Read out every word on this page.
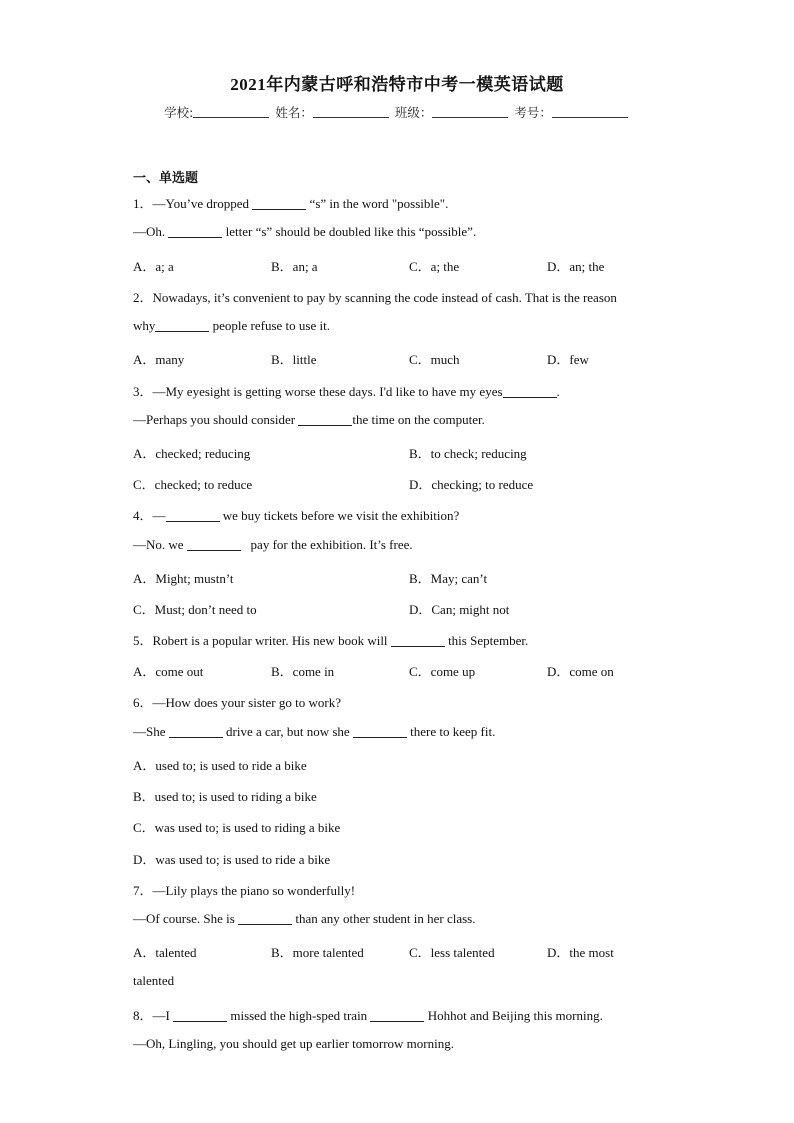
2021年内蒙古呼和浩特市中考一模英语试题
学校:	姓名：	班级：	考号：
一、单选题
1．—You’ve dropped	“s” in the word "possible".
—Oh.	letter “s” should be doubled like this “possible”.
A．a; a	B．an; a	C．a; the	D．an; the
2．Nowadays, it’s convenient to pay by scanning the code instead of cash. That is the reason
why	people refuse to use it.
A．many	B．little	C．much	D．few
3．—My eyesight is getting worse these days. I'd like to have my eyes	.
—Perhaps you should consider	the time on the computer.
A．checked; reducing	B．to check; reducing
C．checked; to reduce	D．checking; to reduce
4．—	we buy tickets before we visit the exhibition?
—No. we	pay for the exhibition. It’s free.
A．Might; mustn’t	B．May; can’t
C．Must; don’t need to	D．Can; might not
5．Robert is a popular writer. His new book will	this September.
A．come out	B．come in	C．come up	D．come on
6．—How does your sister go to work?
—She	drive a car, but now she	there to keep fit.
A．used to; is used to ride a bike
B．used to; is used to riding a bike
C．was used to; is used to riding a bike
D．was used to; is used to ride a bike
7．—Lily plays the piano so wonderfully!
—Of course. She is	than any other student in her class.
A．talented	B．more talented	C．less talented	D．the most
talented
8．—I	missed the high-sped train	Hohhot and Beijing this morning.
—Oh, Lingling, you should get up earlier tomorrow morning.
